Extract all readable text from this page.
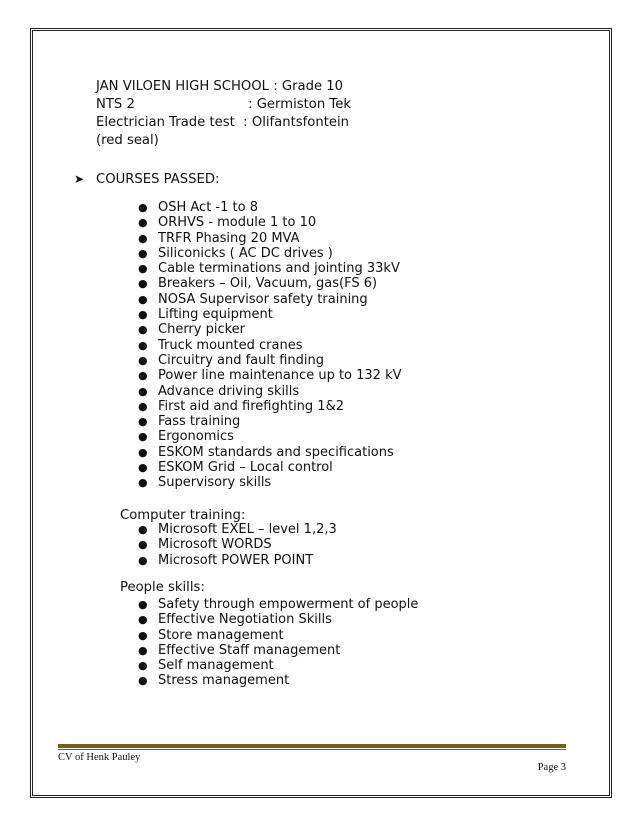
JAN VILOEN HIGH SCHOOL : Grade 10
NTS 2                           : Germiston Tek
Electrician Trade test  : Olifantsfontein
(red seal)
➤ COURSES PASSED:
● OSH Act -1 to 8
● ORHVS - module 1 to 10
● TRFR Phasing 20 MVA
● Siliconicks ( AC DC drives )
● Cable terminations and jointing 33kV
● Breakers – Oil, Vacuum, gas(FS 6)
● NOSA Supervisor safety training
● Lifting equipment
● Cherry picker
● Truck mounted cranes
● Circuitry and fault finding
● Power line maintenance up to 132 kV
● Advance driving skills
● First aid and firefighting 1&2
● Fass training
● Ergonomics
● ESKOM standards and specifications
● ESKOM Grid – Local control
● Supervisory skills
Computer training:
● Microsoft EXEL – level 1,2,3
● Microsoft WORDS
● Microsoft POWER POINT
People skills:
● Safety through empowerment of people
● Effective Negotiation Skills
● Store management
● Effective Staff management
● Self management
● Stress management
CV of Henk Pauley
Page 3
